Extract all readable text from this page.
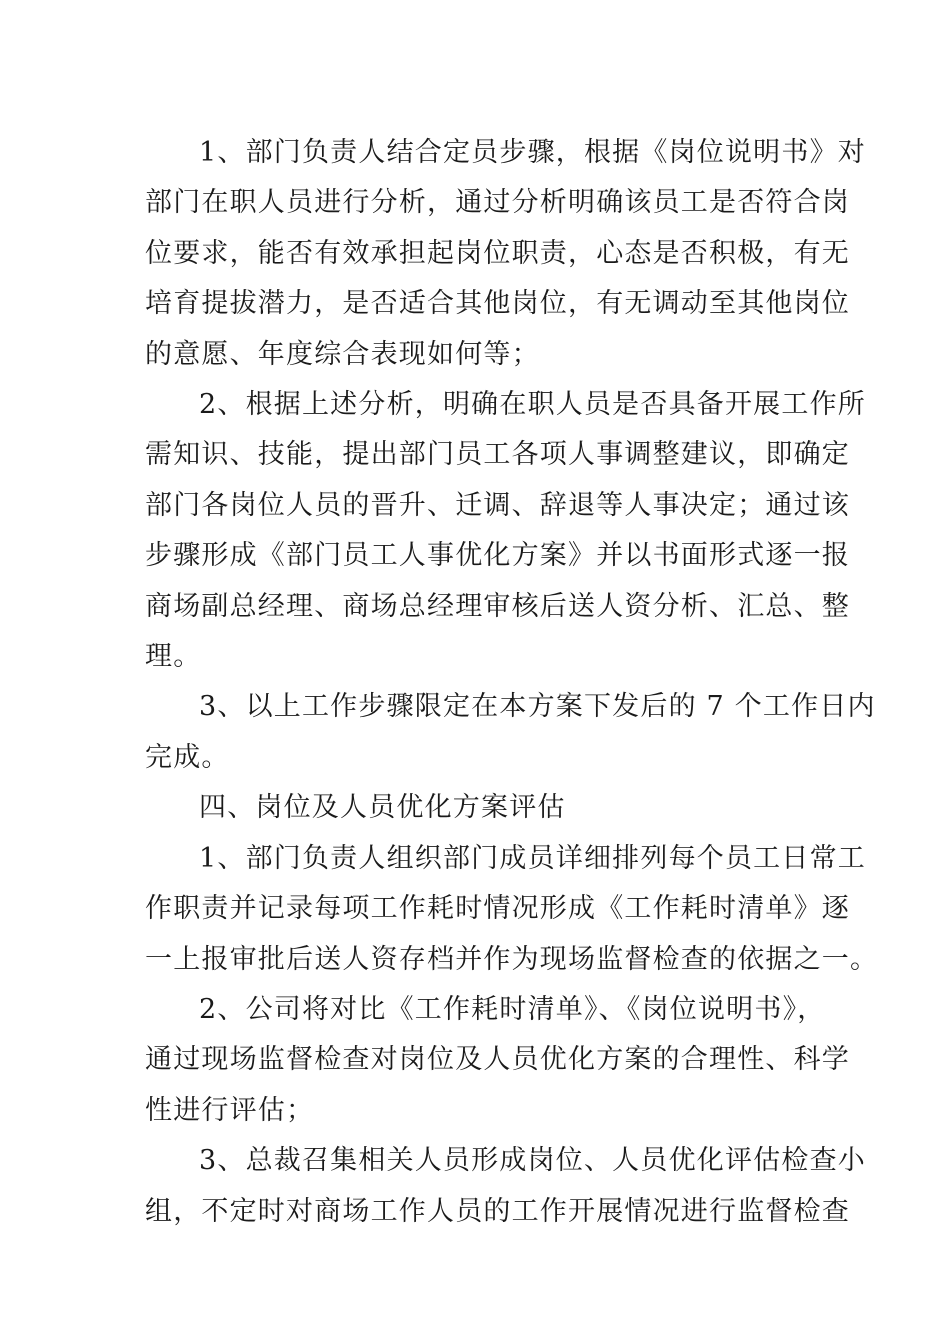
1、部门负责人结合定员步骤，根据《岗位说明书》对
部门在职人员进行分析，通过分析明确该员工是否符合岗
位要求，能否有效承担起岗位职责，心态是否积极，有无
培育提拔潜力，是否适合其他岗位，有无调动至其他岗位
的意愿、年度综合表现如何等；
2、根据上述分析，明确在职人员是否具备开展工作所
需知识、技能，提出部门员工各项人事调整建议，即确定
部门各岗位人员的晋升、迁调、辞退等人事决定；通过该
步骤形成《部门员工人事优化方案》并以书面形式逐一报
商场副总经理、商场总经理审核后送人资分析、汇总、整
理。
3、以上工作步骤限定在本方案下发后的 7 个工作日内
完成。
四、岗位及人员优化方案评估
1、部门负责人组织部门成员详细排列每个员工日常工
作职责并记录每项工作耗时情况形成《工作耗时清单》逐
一上报审批后送人资存档并作为现场监督检查的依据之一。
2、公司将对比《工作耗时清单》、《岗位说明书》，
通过现场监督检查对岗位及人员优化方案的合理性、科学
性进行评估；
3、总裁召集相关人员形成岗位、人员优化评估检查小
组，不定时对商场工作人员的工作开展情况进行监督检查
